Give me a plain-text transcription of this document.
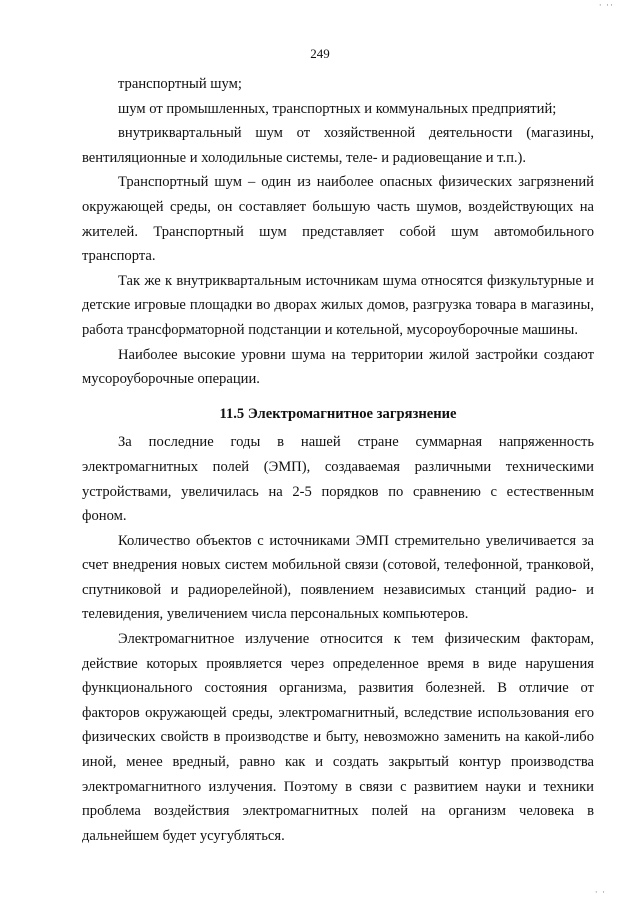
· ··
249

транспортный шум;

шум от промышленных, транспортных и коммунальных предприятий;

внутриквартальный шум от хозяйственной деятельности (магазины, вентиляционные и холодильные системы, теле- и радиовещание и т.п.).

Транспортный шум – один из наиболее опасных физических загрязнений окружающей среды, он составляет большую часть шумов, воздействующих на жителей. Транспортный шум представляет собой шум автомобильного транспорта.

Так же к внутриквартальным источникам шума относятся физкультурные и детские игровые площадки во дворах жилых домов, разгрузка товара в магазины, работа трансформаторной подстанции и котельной, мусороуборочные машины.

Наиболее высокие уровни шума на территории жилой застройки создают мусороуборочные операции.

11.5 Электромагнитное загрязнение

За последние годы в нашей стране суммарная напряженность электромагнитных полей (ЭМП), создаваемая различными техническими устройствами, увеличилась на 2-5 порядков по сравнению с естественным фоном.

Количество объектов с источниками ЭМП стремительно увеличивается за счет внедрения новых систем мобильной связи (сотовой, телефонной, транковой, спутниковой и радиорелейной), появлением независимых станций радио- и телевидения, увеличением числа персональных компьютеров.

Электромагнитное излучение относится к тем физическим факторам, действие которых проявляется через определенное время в виде нарушения функционального состояния организма, развития болезней. В отличие от факторов окружающей среды, электромагнитный, вследствие использования его физических свойств в производстве и быту, невозможно заменить на какой-либо иной, менее вредный, равно как и создать закрытый контур производства электромагнитного излучения. Поэтому в связи с развитием науки и техники проблема воздействия электромагнитных полей на организм человека в дальнейшем будет усугубляться.

· ·
